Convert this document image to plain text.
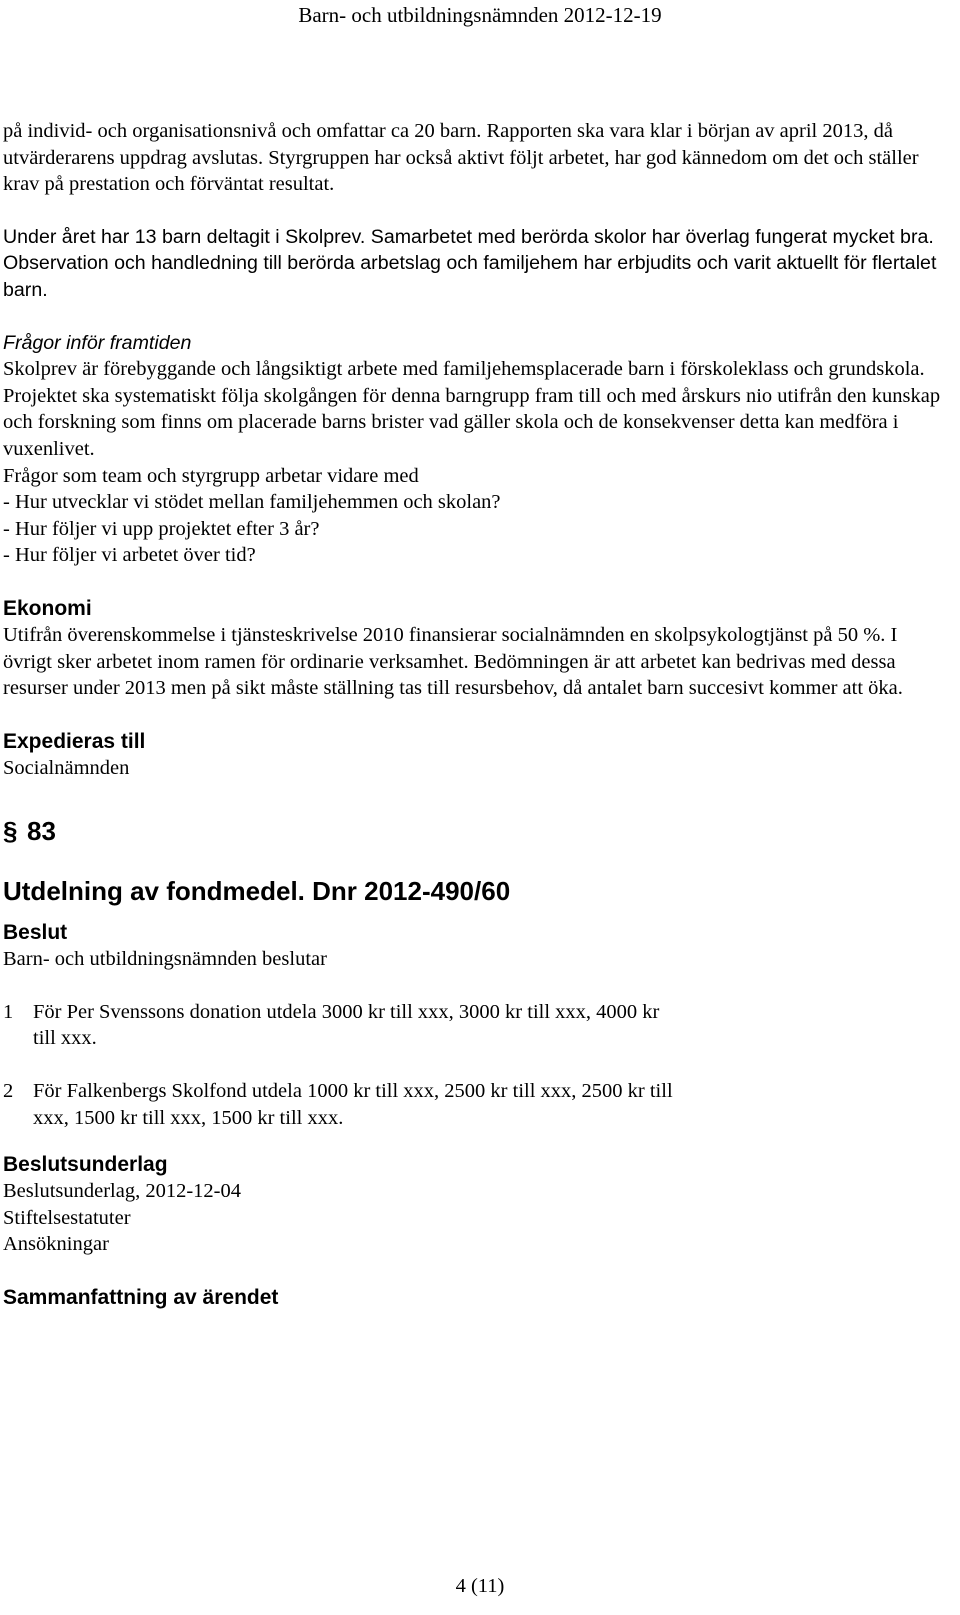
Barn- och utbildningsnämnden 2012-12-19

på individ- och organisationsnivå och omfattar ca 20 barn. Rapporten ska vara klar i början av april 2013, då utvärderarens uppdrag avslutas. Styrgruppen har också aktivt följt arbetet, har god kännedom om det och ställer krav på prestation och förväntat resultat.

Under året har 13 barn deltagit i Skolprev. Samarbetet med berörda skolor har överlag fungerat mycket bra. Observation och handledning till berörda arbetslag och familjehem har erbjudits och varit aktuellt för flertalet barn.

Frågor inför framtiden

Skolprev är förebyggande och långsiktigt arbete med familjehemsplacerade barn i förskoleklass och grundskola. Projektet ska systematiskt följa skolgången för denna barngrupp fram till och med årskurs nio utifrån den kunskap och forskning som finns om placerade barns brister vad gäller skola och de konsekvenser detta kan medföra i vuxenlivet.

Frågor som team och styrgrupp arbetar vidare med

- Hur utvecklar vi stödet mellan familjehemmen och skolan?
- Hur följer vi upp projektet efter 3 år?
- Hur följer vi arbetet över tid?
Ekonomi

Utifrån överenskommelse i tjänsteskrivelse 2010 finansierar socialnämnden en skolpsykologtjänst på 50 %. I övrigt sker arbetet inom ramen för ordinarie verksamhet. Bedömningen är att arbetet kan bedrivas med dessa resurser under 2013 men på sikt måste ställning tas till resursbehov, då antalet barn succesivt kommer att öka.

Expedieras till

Socialnämnden

§ 83

Utdelning av fondmedel. Dnr 2012-490/60
Beslut

Barn- och utbildningsnämnden beslutar

1 För Per Svenssons donation utdela 3000 kr till xxx, 3000 kr till xxx, 4000 kr till xxx.
2 För Falkenbergs Skolfond utdela 1000 kr till xxx, 2500 kr till xxx, 2500 kr till xxx, 1500 kr till xxx, 1500 kr till xxx.
Beslutsunderlag
Beslutsunderlag, 2012-12-04
Stiftelsestatuter
Ansökningar
Sammanfattning av ärendet
4 (11)
